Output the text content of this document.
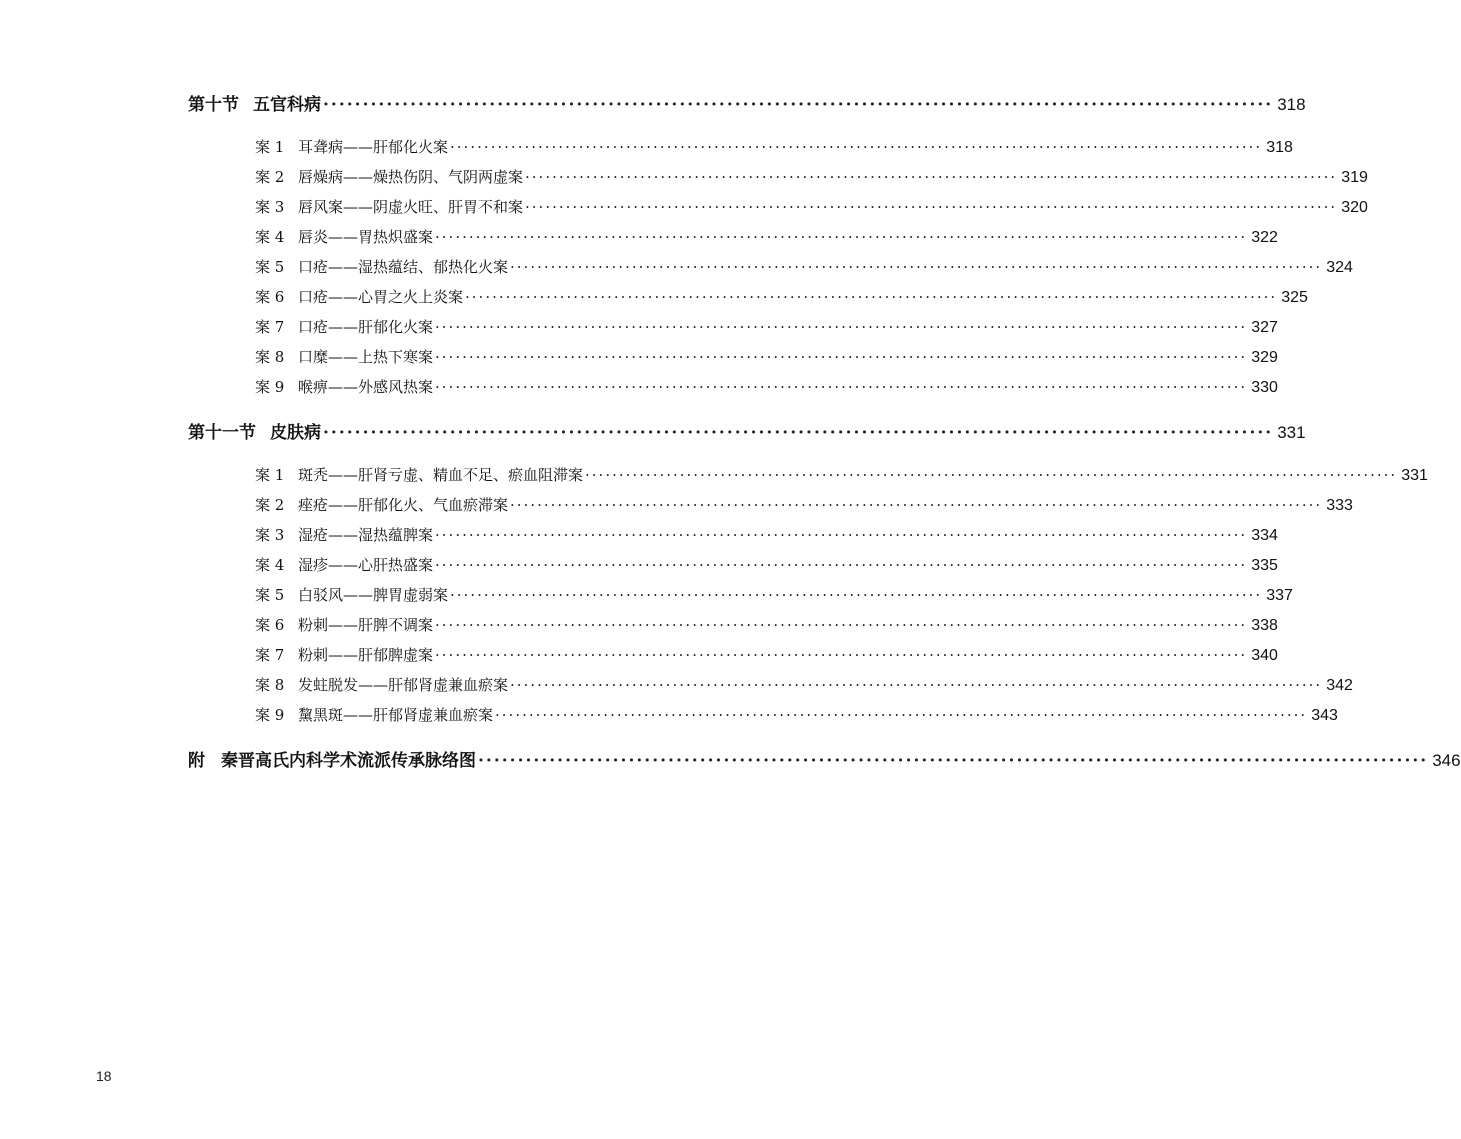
第十节 五官科病 ························································································································ 318
案 1 耳聋病——肝郁化火案 ························································································································ 318
案 2 唇燥病——燥热伤阴、气阴两虚案 ························································································································ 319
案 3 唇风案——阴虚火旺、肝胃不和案 ························································································································ 320
案 4 唇炎——胃热炽盛案 ························································································································ 322
案 5 口疮——湿热蕴结、郁热化火案 ························································································································ 324
案 6 口疮——心胃之火上炎案 ························································································································ 325
案 7 口疮——肝郁化火案 ························································································································ 327
案 8 口糜——上热下寒案 ························································································································ 329
案 9 喉痹——外感风热案 ························································································································ 330
第十一节 皮肤病 ························································································································ 331
案 1 斑秃——肝肾亏虚、精血不足、瘀血阻滞案 ························································································································ 331
案 2 痤疮——肝郁化火、气血瘀滞案 ························································································································ 333
案 3 湿疮——湿热蕴脾案 ························································································································ 334
案 4 湿疹——心肝热盛案 ························································································································ 335
案 5 白驳风——脾胃虚弱案 ························································································································ 337
案 6 粉刺——肝脾不调案 ························································································································ 338
案 7 粉刺——肝郁脾虚案 ························································································································ 340
案 8 发蛀脱发——肝郁肾虚兼血瘀案 ························································································································ 342
案 9 黧黑斑——肝郁肾虚兼血瘀案 ························································································································ 343
附 秦晋高氏内科学术流派传承脉络图 ························································································································ 346
18
